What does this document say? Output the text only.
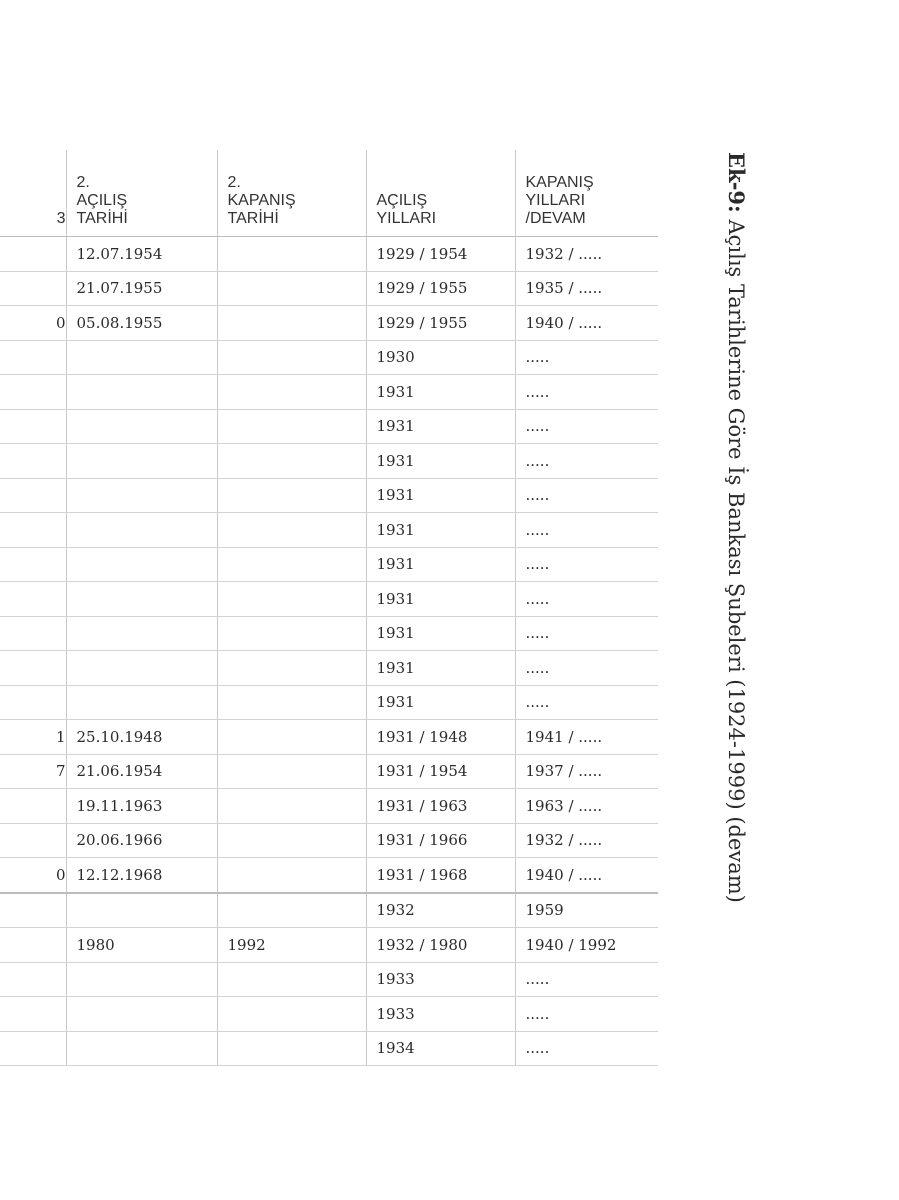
3	2.
AÇILIŞ
TARİHİ	2.
KAPANIŞ
TARİHİ	AÇILIŞ
YILLARI	KAPANIŞ
YILLARI
/DEVAM
	12.07.1954		1929 / 1954	1932 / .....
	21.07.1955		1929 / 1955	1935 / .....
0	05.08.1955		1929 / 1955	1940 / .....
			1930	.....
			1931	.....
			1931	.....
			1931	.....
			1931	.....
			1931	.....
			1931	.....
			1931	.....
			1931	.....
			1931	.....
			1931	.....
1	25.10.1948		1931 / 1948	1941 / .....
7	21.06.1954		1931 / 1954	1937 / .....
	19.11.1963		1931 / 1963	1963 / .....
	20.06.1966		1931 / 1966	1932 / .....
0	12.12.1968		1931 / 1968	1940 / .....
			1932	1959
	1980	1992	1932 / 1980	1940 / 1992
			1933	.....
			1933	.....
			1934	.....
Ek-9: Açılış Tarihlerine Göre İş Bankası Şubeleri (1924-1999) (devam)
